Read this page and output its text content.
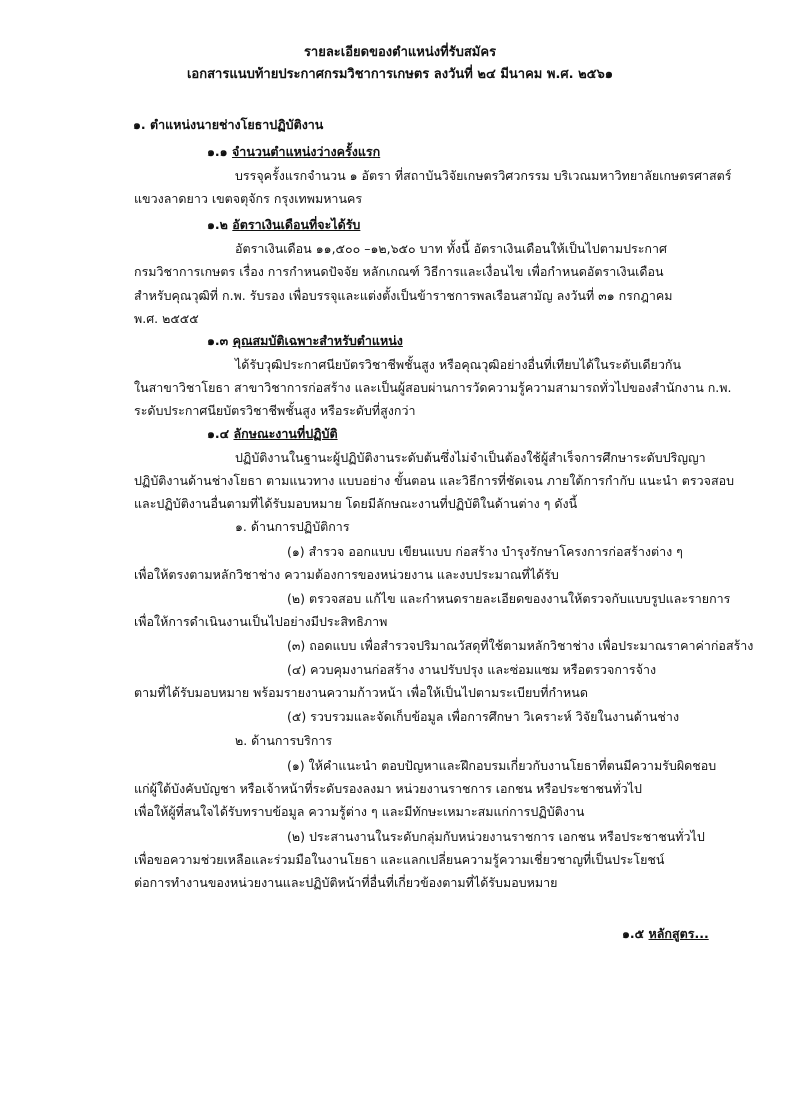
รายละเอียดของตำแหน่งที่รับสมัคร
เอกสารแนบท้ายประกาศกรมวิชาการเกษตร ลงวันที่ ๒๔ มีนาคม พ.ศ. ๒๕๖๑
๑. ตำแหน่งนายช่างโยธาปฏิบัติงาน
๑.๑ จำนวนตำแหน่งว่างครั้งแรก
บรรจุครั้งแรกจำนวน ๑ อัตรา ที่สถาบันวิจัยเกษตรวิศวกรรม บริเวณมหาวิทยาลัยเกษตรศาสตร์
แขวงลาดยาว เขตจตุจักร กรุงเทพมหานคร
๑.๒ อัตราเงินเดือนที่จะได้รับ
อัตราเงินเดือน ๑๑,๕๐๐ –๑๒,๖๕๐ บาท ทั้งนี้ อัตราเงินเดือนให้เป็นไปตามประกาศ
กรมวิชาการเกษตร เรื่อง การกำหนดปัจจัย หลักเกณฑ์ วิธีการและเงื่อนไข เพื่อกำหนดอัตราเงินเดือน
สำหรับคุณวุฒิที่ ก.พ. รับรอง เพื่อบรรจุและแต่งตั้งเป็นข้าราชการพลเรือนสามัญ ลงวันที่ ๓๑ กรกฎาคม
พ.ศ. ๒๕๕๕
๑.๓ คุณสมบัติเฉพาะสำหรับตำแหน่ง
ได้รับวุฒิประกาศนียบัตรวิชาชีพชั้นสูง หรือคุณวุฒิอย่างอื่นที่เทียบได้ในระดับเดียวกัน
ในสาขาวิชาโยธา สาขาวิชาการก่อสร้าง และเป็นผู้สอบผ่านการวัดความรู้ความสามารถทั่วไปของสำนักงาน ก.พ.
ระดับประกาศนียบัตรวิชาชีพชั้นสูง หรือระดับที่สูงกว่า
๑.๔ ลักษณะงานที่ปฏิบัติ
ปฏิบัติงานในฐานะผู้ปฏิบัติงานระดับต้นซึ่งไม่จำเป็นต้องใช้ผู้สำเร็จการศึกษาระดับปริญญา
ปฏิบัติงานด้านช่างโยธา ตามแนวทาง แบบอย่าง ขั้นตอน และวิธีการที่ชัดเจน ภายใต้การกำกับ แนะนำ ตรวจสอบ
และปฏิบัติงานอื่นตามที่ได้รับมอบหมาย โดยมีลักษณะงานที่ปฏิบัติในด้านต่าง ๆ ดังนี้
๑. ด้านการปฏิบัติการ
(๑) สำรวจ ออกแบบ เขียนแบบ ก่อสร้าง บำรุงรักษาโครงการก่อสร้างต่าง ๆ
เพื่อให้ตรงตามหลักวิชาช่าง ความต้องการของหน่วยงาน และงบประมาณที่ได้รับ
(๒) ตรวจสอบ แก้ไข และกำหนดรายละเอียดของงานให้ตรวจกับแบบรูปและรายการ
เพื่อให้การดำเนินงานเป็นไปอย่างมีประสิทธิภาพ
(๓) ถอดแบบ เพื่อสำรวจปริมาณวัสดุที่ใช้ตามหลักวิชาช่าง เพื่อประมาณราคาค่าก่อสร้าง
(๔) ควบคุมงานก่อสร้าง งานปรับปรุง และซ่อมแซม หรือตรวจการจ้าง
ตามที่ได้รับมอบหมาย พร้อมรายงานความก้าวหน้า เพื่อให้เป็นไปตามระเบียบที่กำหนด
(๕) รวบรวมและจัดเก็บข้อมูล เพื่อการศึกษา วิเคราะห์ วิจัยในงานด้านช่าง
๒. ด้านการบริการ
(๑) ให้คำแนะนำ ตอบปัญหาและฝึกอบรมเกี่ยวกับงานโยธาที่ตนมีความรับผิดชอบ
แก่ผู้ใต้บังคับบัญชา หรือเจ้าหน้าที่ระดับรองลงมา หน่วยงานราชการ เอกชน หรือประชาชนทั่วไป
เพื่อให้ผู้ที่สนใจได้รับทราบข้อมูล ความรู้ต่าง ๆ และมีทักษะเหมาะสมแก่การปฏิบัติงาน
(๒) ประสานงานในระดับกลุ่มกับหน่วยงานราชการ เอกชน หรือประชาชนทั่วไป
เพื่อขอความช่วยเหลือและร่วมมือในงานโยธา และแลกเปลี่ยนความรู้ความเชี่ยวชาญที่เป็นประโยชน์
ต่อการทำงานของหน่วยงานและปฏิบัติหน้าที่อื่นที่เกี่ยวข้องตามที่ได้รับมอบหมาย
๑.๕ หลักสูตร...
